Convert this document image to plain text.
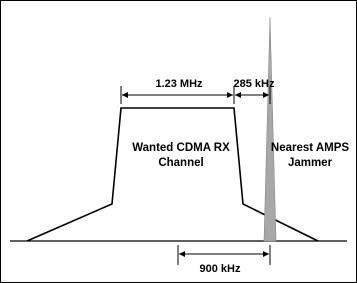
1.23 MHz	285 kHz
900 kHz
Wanted CDMA RX
Channel
Nearest AMPS
Jammer
